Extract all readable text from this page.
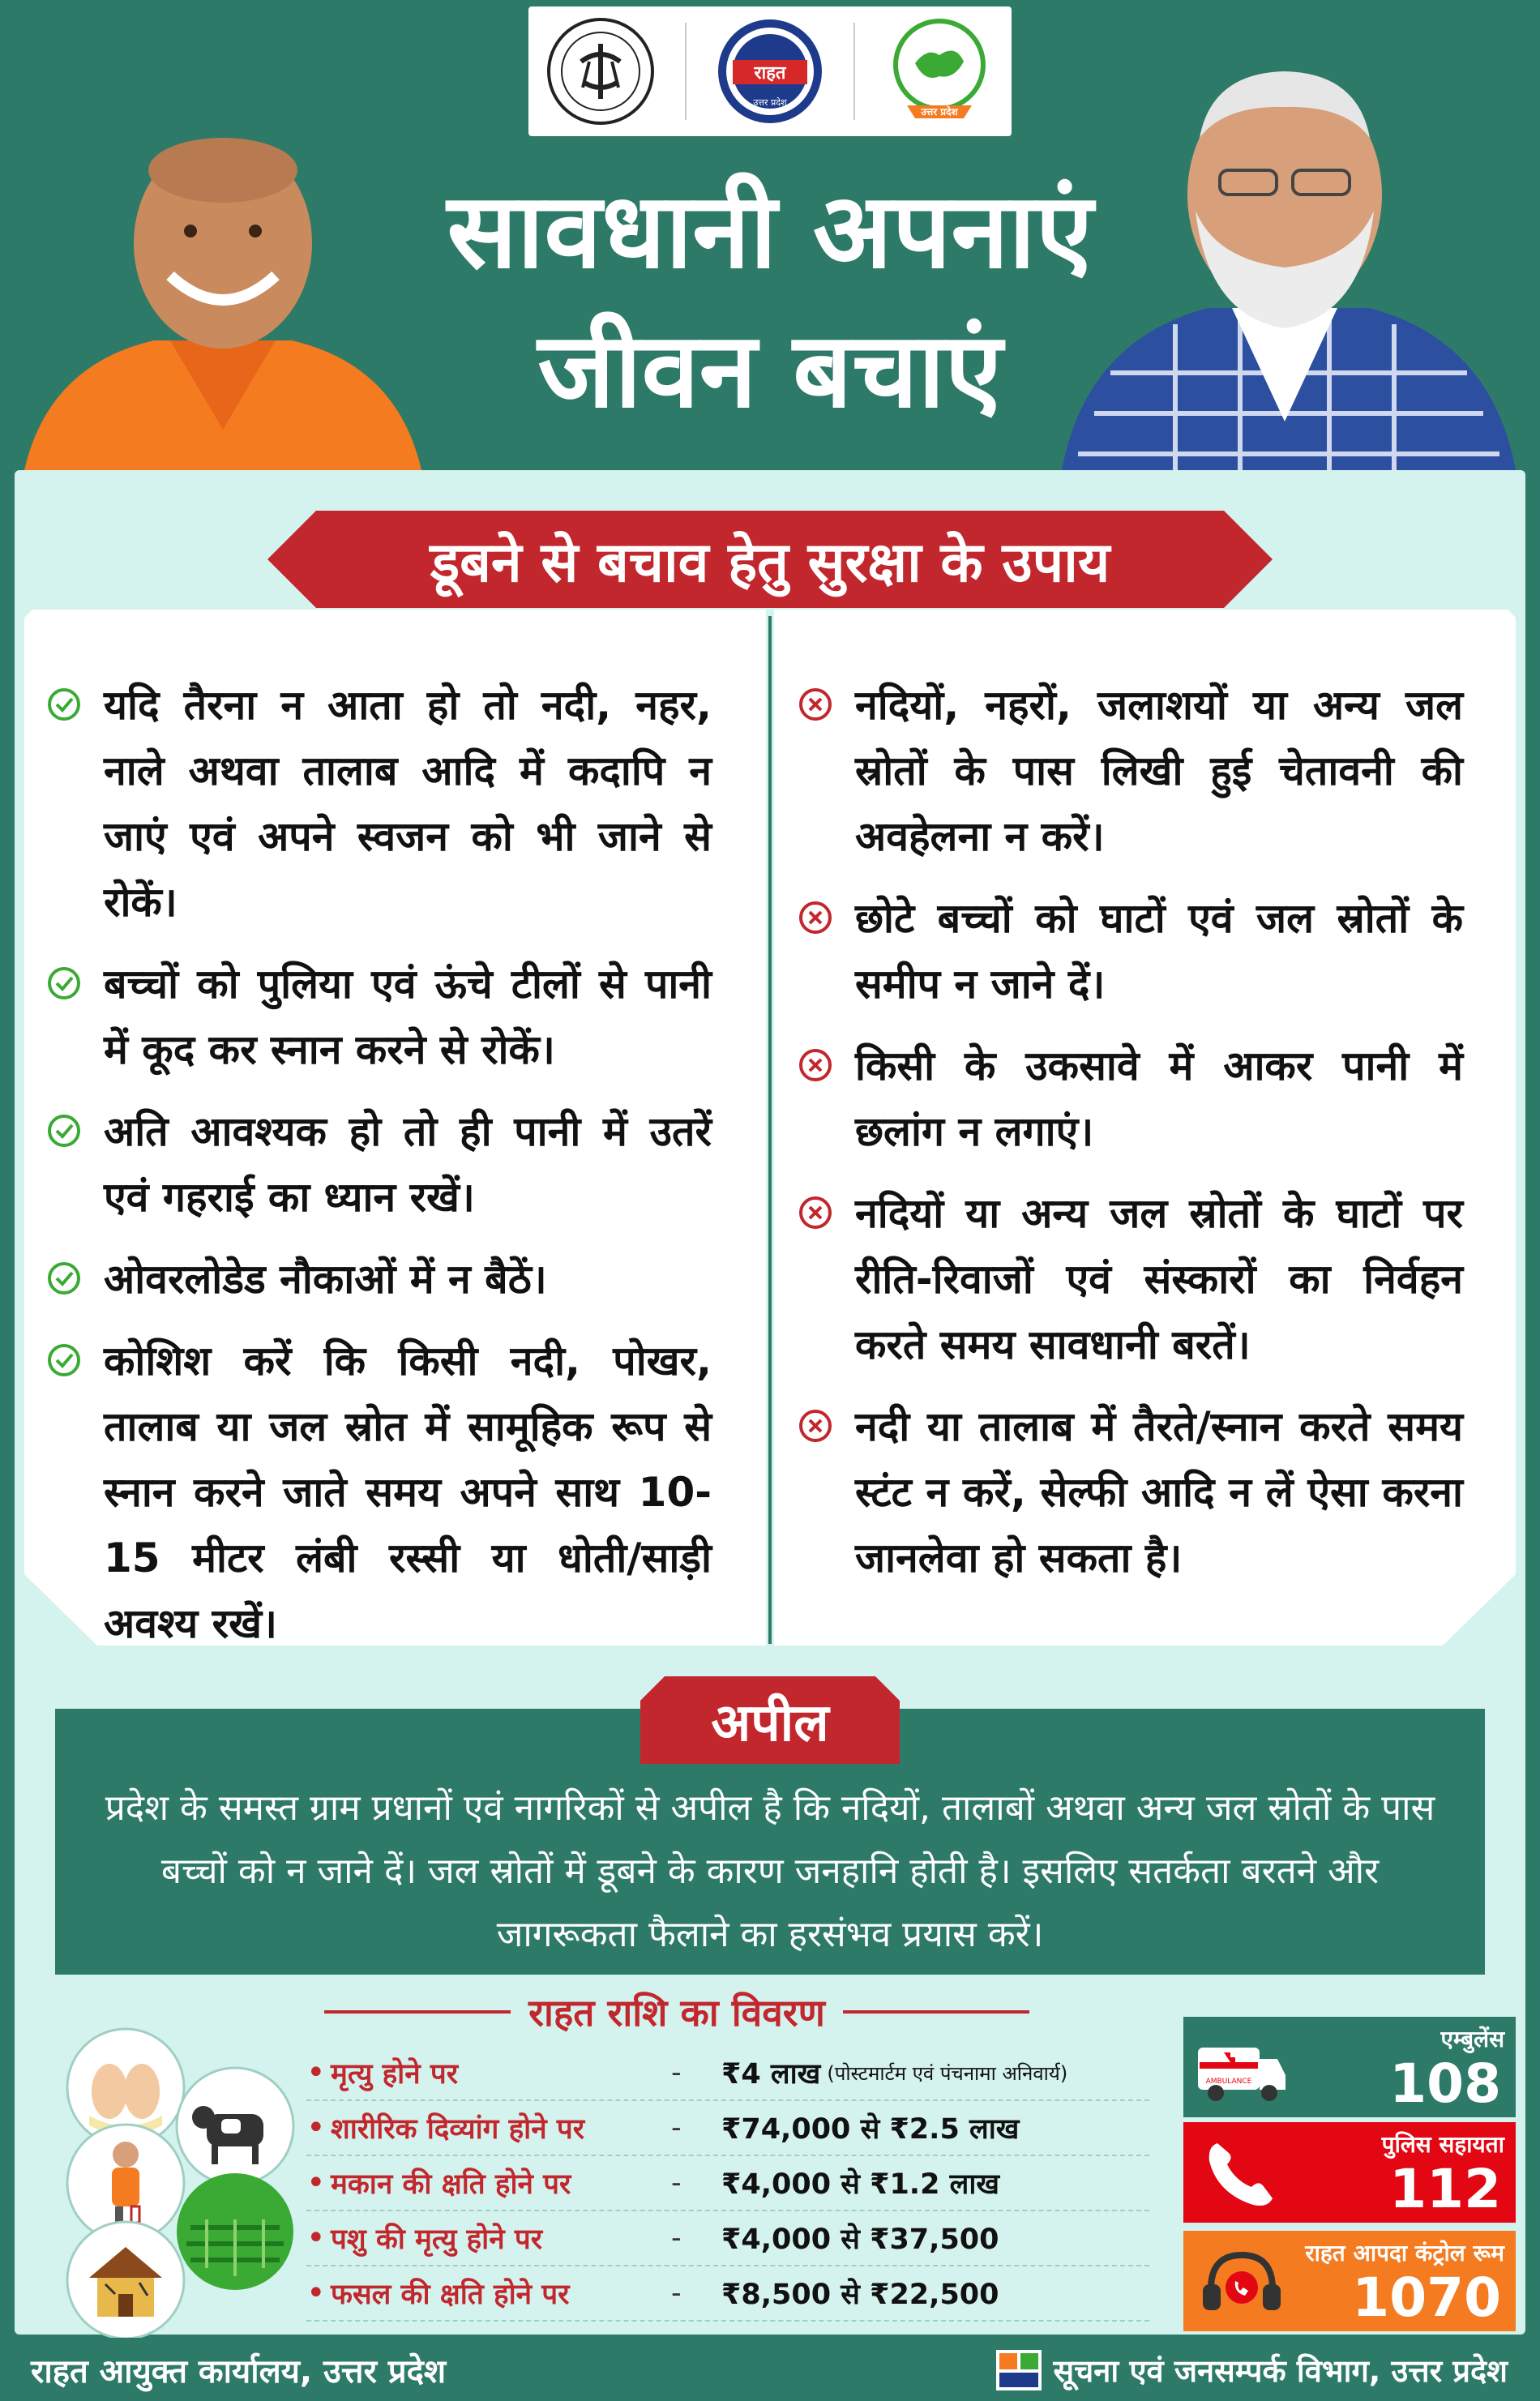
राहत
उत्तर प्रदेश
उत्तर प्रदेश
सावधानी अपनाएं
जीवन बचाएं
डूबने से बचाव हेतु सुरक्षा के उपाय
यदि तैरना न आता हो तो नदी, नहर, नाले अथवा तालाब आदि में कदापि न जाएं एवं अपने स्वजन को भी जाने से रोकें।
बच्चों को पुलिया एवं ऊंचे टीलों से पानी में कूद कर स्नान करने से रोकें।
अति आवश्यक हो तो ही पानी में उतरें एवं गहराई का ध्यान रखें।
ओवरलोडेड नौकाओं में न बैठें।
कोशिश करें कि किसी नदी, पोखर, तालाब या जल स्रोत में सामूहिक रूप से स्नान करने जाते समय अपने साथ 10-15 मीटर लंबी रस्सी या धोती/साड़ी अवश्य रखें।
नदियों, नहरों, जलाशयों या अन्य जल स्रोतों के पास लिखी हुई चेतावनी की अवहेलना न करें।
छोटे बच्चों को घाटों एवं जल स्रोतों के समीप न जाने दें।
किसी के उकसावे में आकर पानी में छलांग न लगाएं।
नदियों या अन्य जल स्रोतों के घाटों पर रीति-रिवाजों एवं संस्कारों का निर्वहन करते समय सावधानी बरतें।
नदी या तालाब में तैरते/स्नान करते समय स्टंट न करें, सेल्फी आदि न लें ऐसा करना जानलेवा हो सकता है।
अपील
प्रदेश के समस्त ग्राम प्रधानों एवं नागरिकों से अपील है कि नदियों, तालाबों अथवा अन्य जल स्रोतों के पास बच्चों को न जाने दें। जल स्रोतों में डूबने के कारण जनहानि होती है। इसलिए सतर्कता बरतने और जागरूकता फैलाने का हरसंभव प्रयास करें।
राहत राशि का विवरण
• मृत्यु होने पर	-	₹4 लाख (पोस्टमार्टम एवं पंचनामा अनिवार्य)
• शारीरिक दिव्यांग होने पर	-	₹74,000 से ₹2.5 लाख
• मकान की क्षति होने पर	-	₹4,000 से ₹1.2 लाख
• पशु की मृत्यु होने पर	-	₹4,000 से ₹37,500
• फसल की क्षति होने पर	-	₹8,500 से ₹22,500
AMBULANCE
एम्बुलेंस
108
पुलिस सहायता
112
राहत आपदा कंट्रोल रूम
1070
राहत आयुक्त कार्यालय, उत्तर प्रदेश	सूचना एवं जनसम्पर्क विभाग, उत्तर प्रदेश
